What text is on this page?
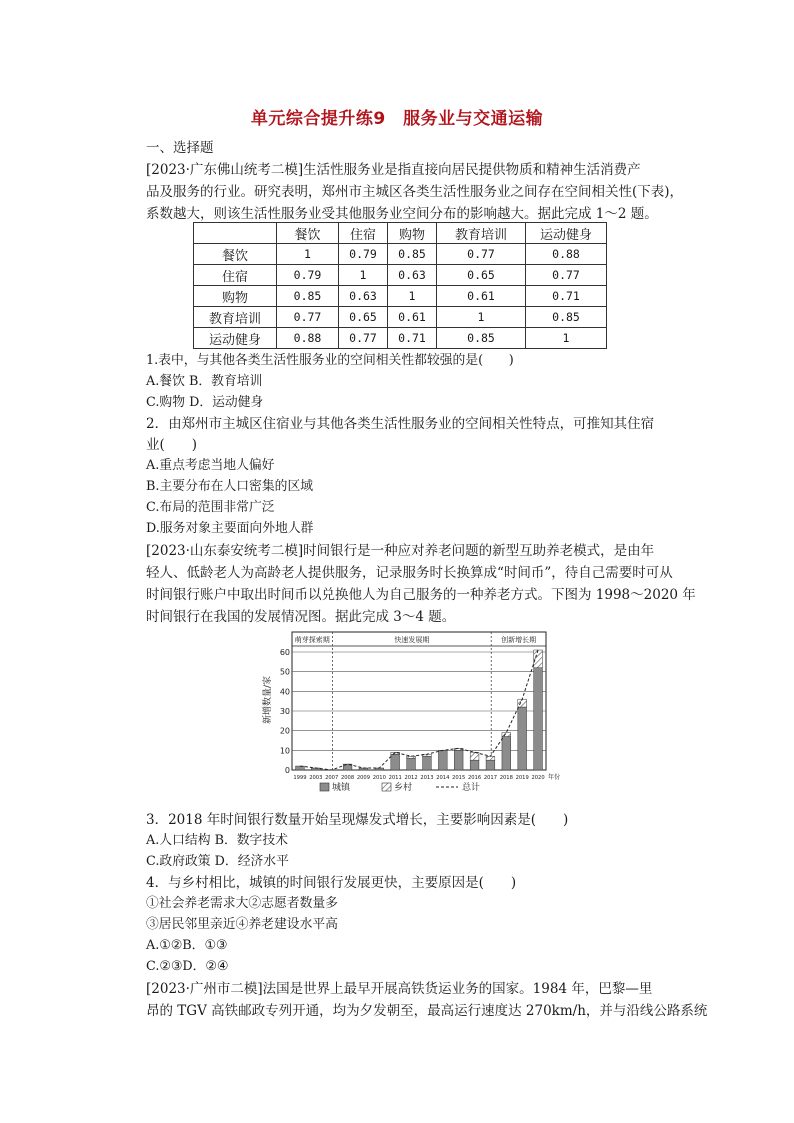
单元综合提升练9　服务业与交通运输
一、选择题
[2023·广东佛山统考二模]生活性服务业是指直接向居民提供物质和精神生活消费产
品及服务的行业。研究表明，郑州市主城区各类生活性服务业之间存在空间相关性(下表)，
系数越大，则该生活性服务业受其他服务业空间分布的影响越大。据此完成 1～2 题。
	餐饮	住宿	购物	教育培训	运动健身
餐饮	1	0.79	0.85	0.77	0.88
住宿	0.79	1	0.63	0.65	0.77
购物	0.85	0.63	1	0.61	0.71
教育培训	0.77	0.65	0.61	1	0.85
运动健身	0.88	0.77	0.71	0.85	1
1.表中，与其他各类生活性服务业的空间相关性都较强的是(　　)
A.餐饮 B．教育培训
C.购物 D．运动健身
2．由郑州市主城区住宿业与其他各类生活性服务业的空间相关性特点，可推知其住宿
业(　　)
A.重点考虑当地人偏好
B.主要分布在人口密集的区域
C.布局的范围非常广泛
D.服务对象主要面向外地人群
[2023·山东泰安统考二模]时间银行是一种应对养老问题的新型互助养老模式，是由年
轻人、低龄老人为高龄老人提供服务，记录服务时长换算成“时间币”，待自己需要时可从
时间银行账户中取出时间币以兑换他人为自己服务的一种养老方式。下图为 1998～2020 年
时间银行在我国的发展情况图。据此完成 3～4 题。
萌芽探索期	快速发展期	创新增长期
0
10
20
30
40
50
60
新增数量/家
1999 2003 2007 2008 2009 2010 2011 2012 2013 2014 2015 2016 2017 2018 2019 2020 年份
城镇	乡村	总计
3．2018 年时间银行数量开始呈现爆发式增长，主要影响因素是(　　)
A.人口结构 B．数字技术
C.政府政策 D．经济水平
4．与乡村相比，城镇的时间银行发展更快，主要原因是(　　)
①社会养老需求大②志愿者数量多
③居民邻里亲近④养老建设水平高
A.①②B．①③
C.②③D．②④
[2023·广州市二模]法国是世界上最早开展高铁货运业务的国家。1984 年，巴黎—里
昂的 TGV 高铁邮政专列开通，均为夕发朝至，最高运行速度达 270km/h，并与沿线公路系统
